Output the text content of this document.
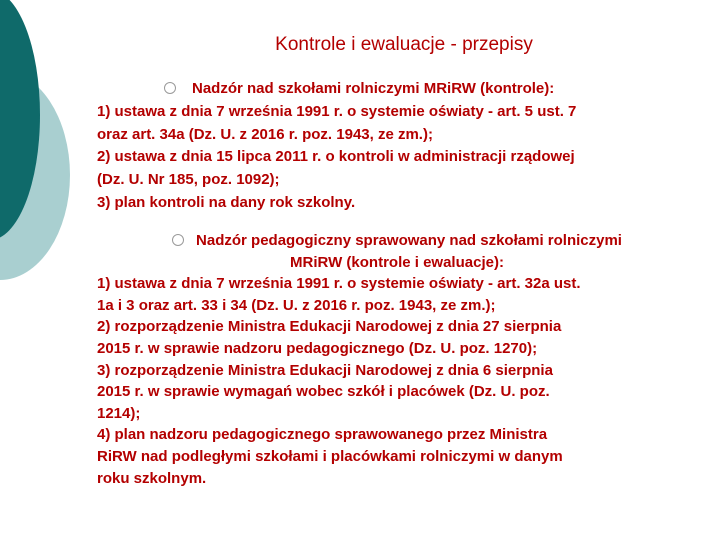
Kontrole i ewaluacje - przepisy

Nadzór nad szkołami rolniczymi MRiRW (kontrole):

1) ustawa z dnia 7 września 1991 r. o systemie oświaty - art. 5 ust. 7

oraz art. 34a (Dz. U. z 2016 r. poz. 1943, ze zm.);

2) ustawa z dnia 15 lipca 2011 r. o kontroli w administracji rządowej

(Dz. U. Nr 185, poz. 1092);

3) plan kontroli na dany rok szkolny.

Nadzór pedagogiczny sprawowany nad szkołami rolniczymi

MRiRW (kontrole i ewaluacje):

1) ustawa z dnia 7 września 1991 r. o systemie oświaty - art. 32a ust.

1a i 3 oraz art. 33 i 34 (Dz. U. z 2016 r. poz. 1943, ze zm.);

2) rozporządzenie Ministra Edukacji Narodowej z dnia 27 sierpnia

2015 r. w sprawie nadzoru pedagogicznego (Dz. U. poz. 1270);

3) rozporządzenie Ministra Edukacji Narodowej z dnia 6 sierpnia

2015 r. w sprawie wymagań wobec szkół i placówek (Dz. U. poz.

1214);

4) plan nadzoru pedagogicznego sprawowanego przez Ministra

RiRW nad podległymi szkołami i placówkami rolniczymi w danym

roku szkolnym.
